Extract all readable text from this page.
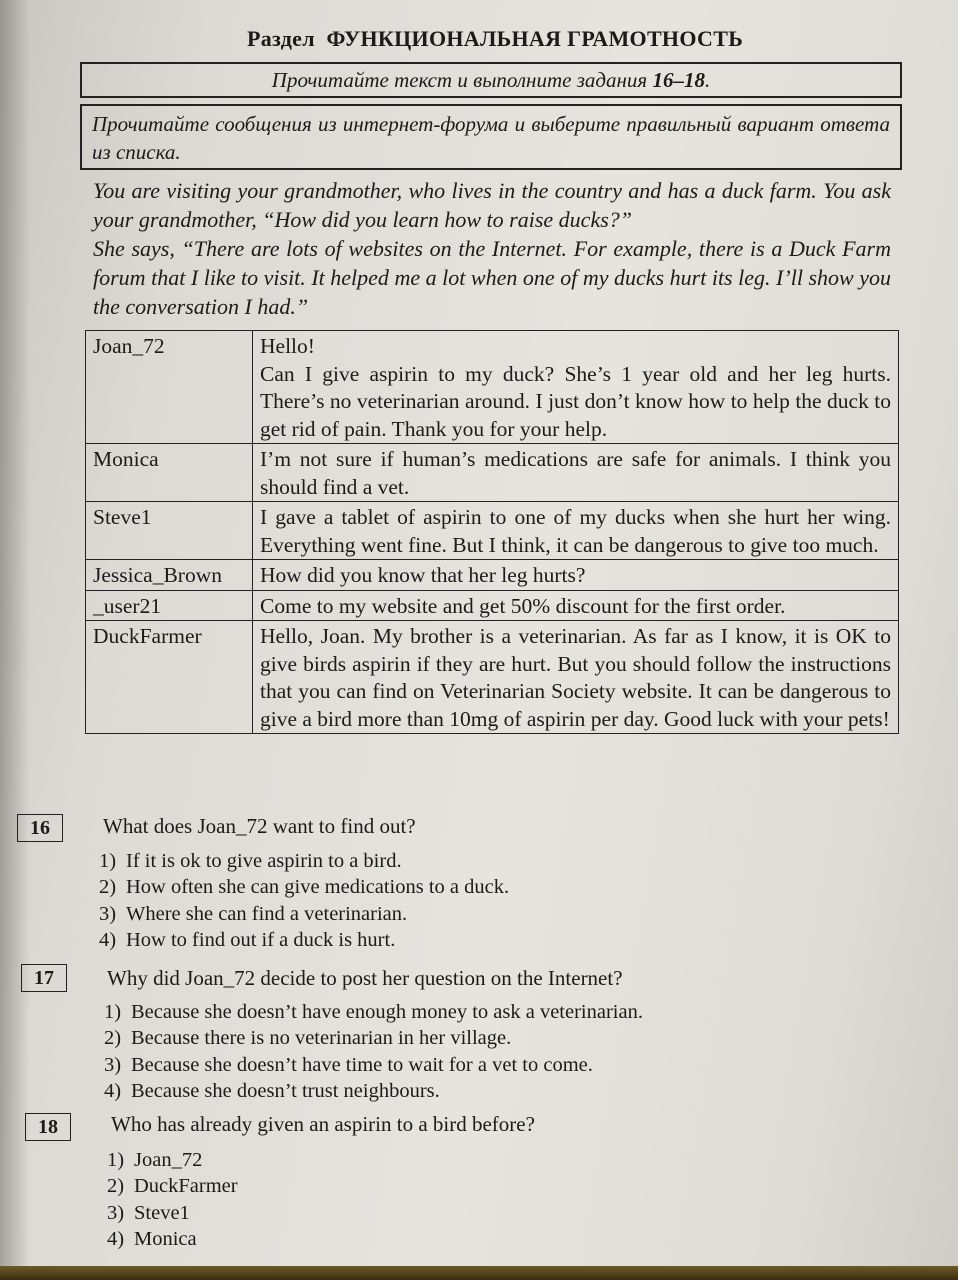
Раздел ФУНКЦИОНАЛЬНАЯ ГРАМОТНОСТЬ
Прочитайте текст и выполните задания 16–18.
Прочитайте сообщения из интернет-форума и выберите правильный вариант ответа из списка.

You are visiting your grandmother, who lives in the country and has a duck farm. You ask your grandmother, “How did you learn how to raise ducks?”

She says, “There are lots of websites on the Internet. For example, there is a Duck Farm forum that I like to visit. It helped me a lot when one of my ducks hurt its leg. I’ll show you the conversation I had.”

Joan_72	Hello!
Can I give aspirin to my duck? She’s 1 year old and her leg hurts. There’s no veterinarian around. I just don’t know how to help the duck to get rid of pain. Thank you for your help.

Monica	I’m not sure if human’s medications are safe for animals. I think you should find a vet.

Steve1	I gave a tablet of aspirin to one of my ducks when she hurt her wing. Everything went fine. But I think, it can be dangerous to give too much.

Jessica_Brown	How did you know that her leg hurts?

_user21	Come to my website and get 50% discount for the first order.

DuckFarmer	Hello, Joan. My brother is a veterinarian. As far as I know, it is OK to give birds aspirin if they are hurt. But you should follow the instructions that you can find on Veterinarian Society website. It can be dangerous to give a bird more than 10mg of aspirin per day. Good luck with your pets!
16	What does Joan_72 want to find out?
1) If it is ok to give aspirin to a bird.
2) How often she can give medications to a duck.
3) Where she can find a veterinarian.
4) How to find out if a duck is hurt.
17	Why did Joan_72 decide to post her question on the Internet?
1) Because she doesn’t have enough money to ask a veterinarian.
2) Because there is no veterinarian in her village.
3) Because she doesn’t have time to wait for a vet to come.
4) Because she doesn’t trust neighbours.
18	Who has already given an aspirin to a bird before?
1) Joan_72
2) DuckFarmer
3) Steve1
4) Monica
